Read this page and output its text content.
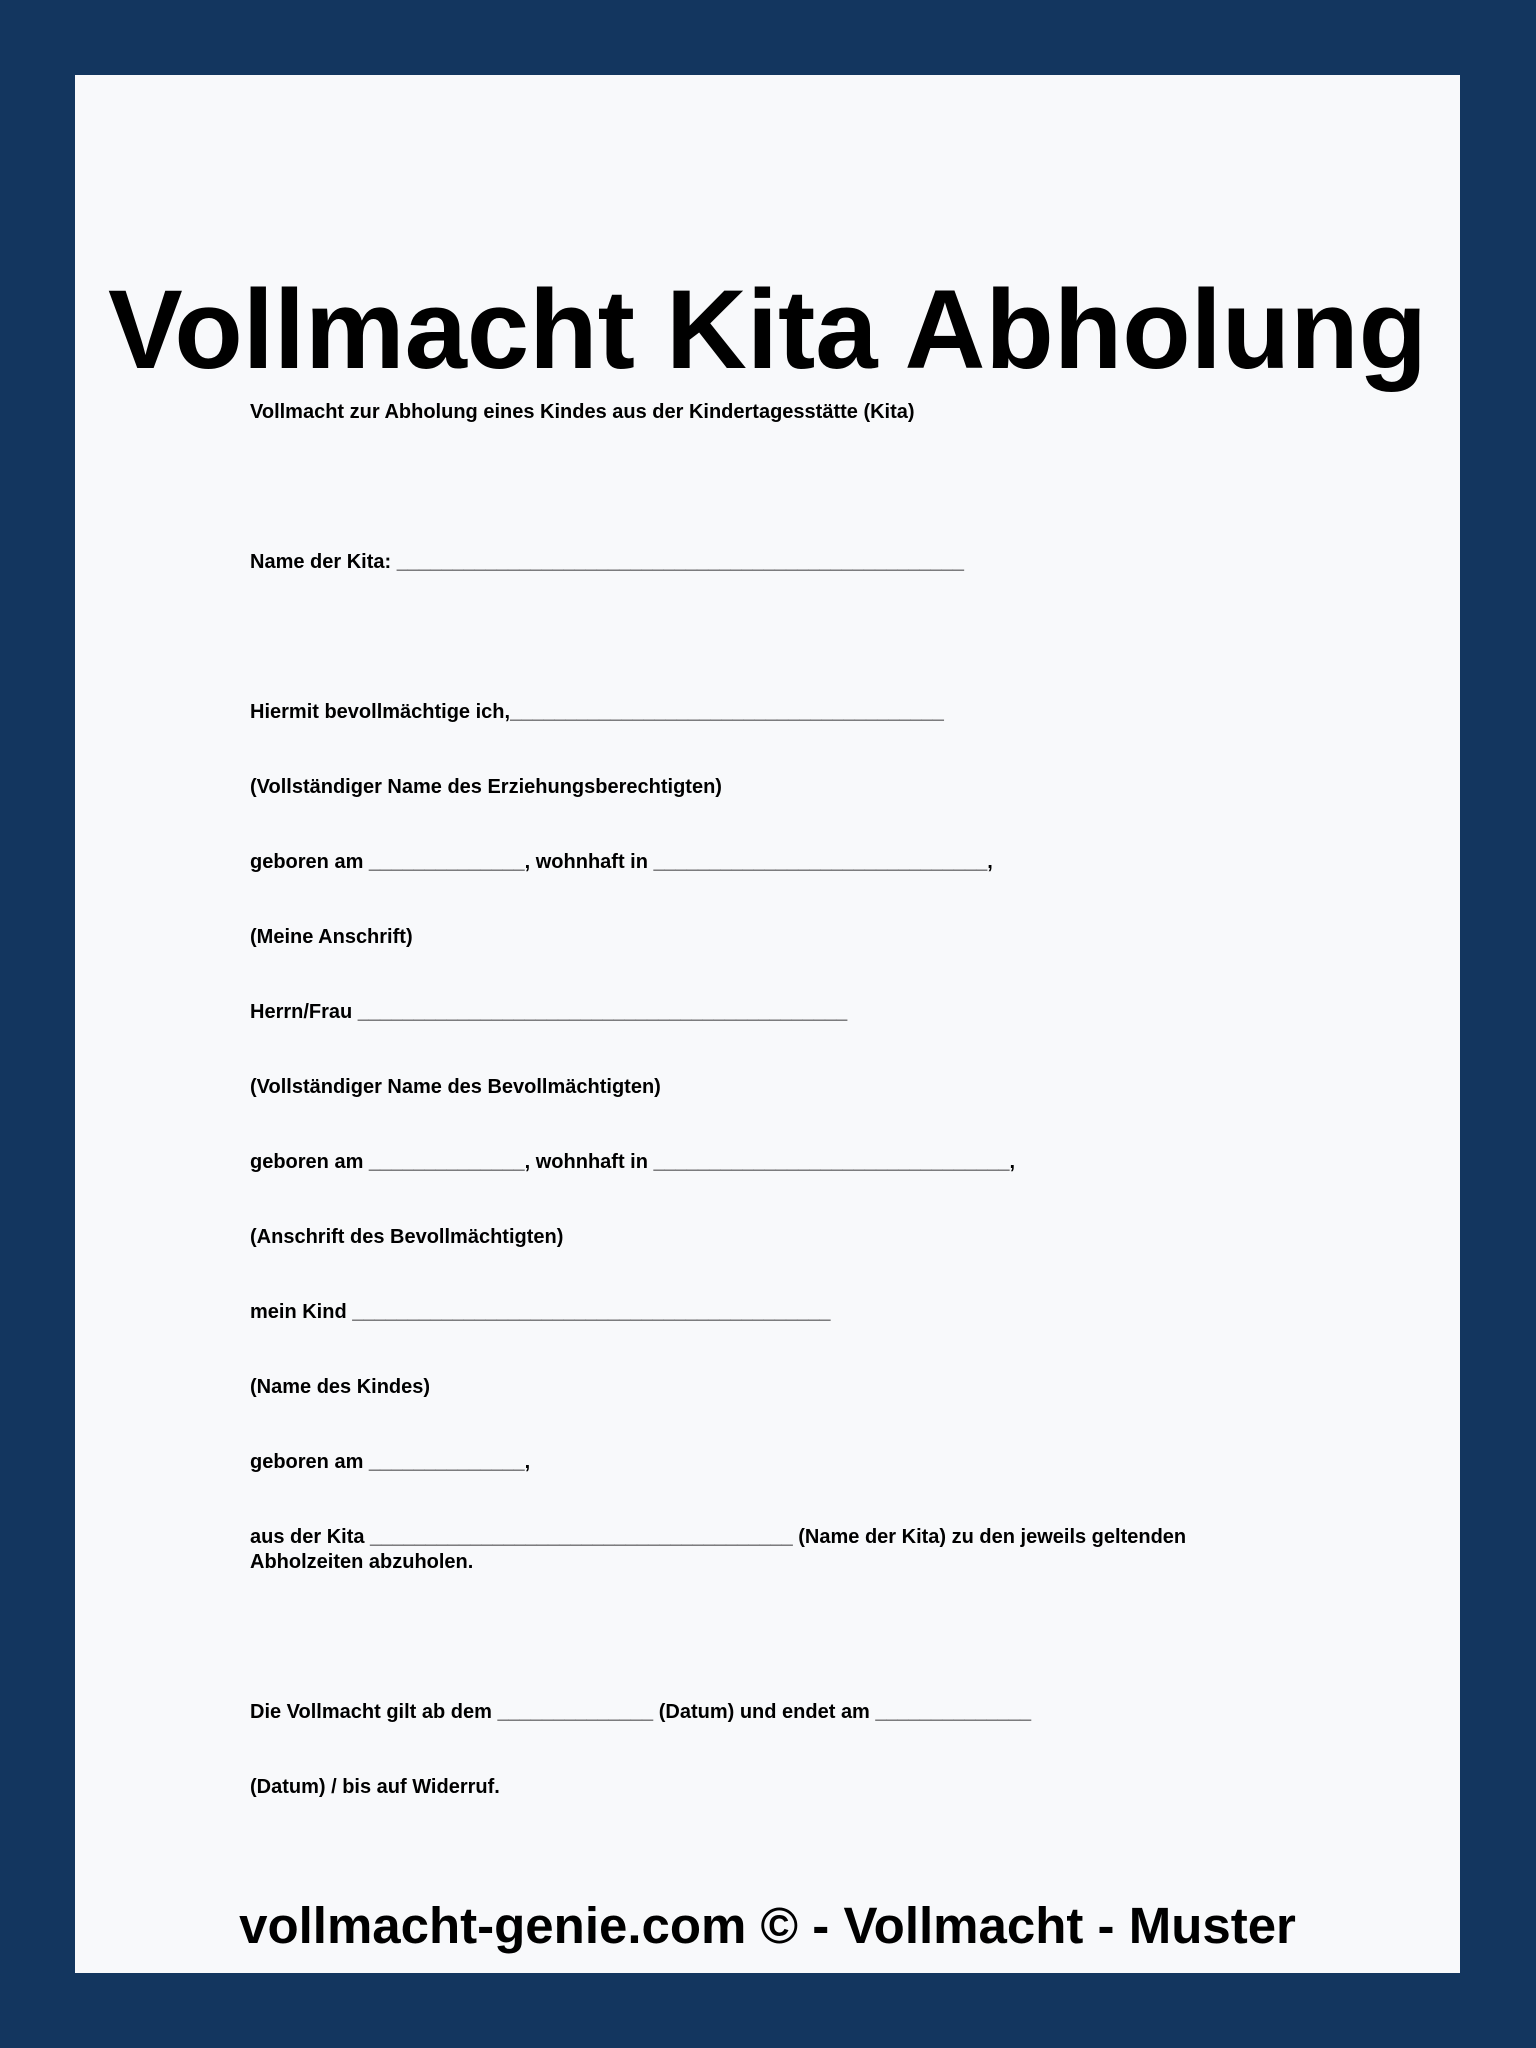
Vollmacht Kita Abholung
Vollmacht zur Abholung eines Kindes aus der Kindertagesstätte (Kita)
Name der Kita: ___________________________________________________
Hiermit bevollmächtige ich,_______________________________________
(Vollständiger Name des Erziehungsberechtigten)
geboren am ______________, wohnhaft in ______________________________,
(Meine Anschrift)
Herrn/Frau ____________________________________________
(Vollständiger Name des Bevollmächtigten)
geboren am ______________, wohnhaft in ________________________________,
(Anschrift des Bevollmächtigten)
mein Kind ___________________________________________
(Name des Kindes)
geboren am ______________,
aus der Kita ______________________________________ (Name der Kita) zu den jeweils geltenden
Abholzeiten abzuholen.
Die Vollmacht gilt ab dem ______________ (Datum) und endet am ______________
(Datum) / bis auf Widerruf.
vollmacht-genie.com © - Vollmacht - Muster
